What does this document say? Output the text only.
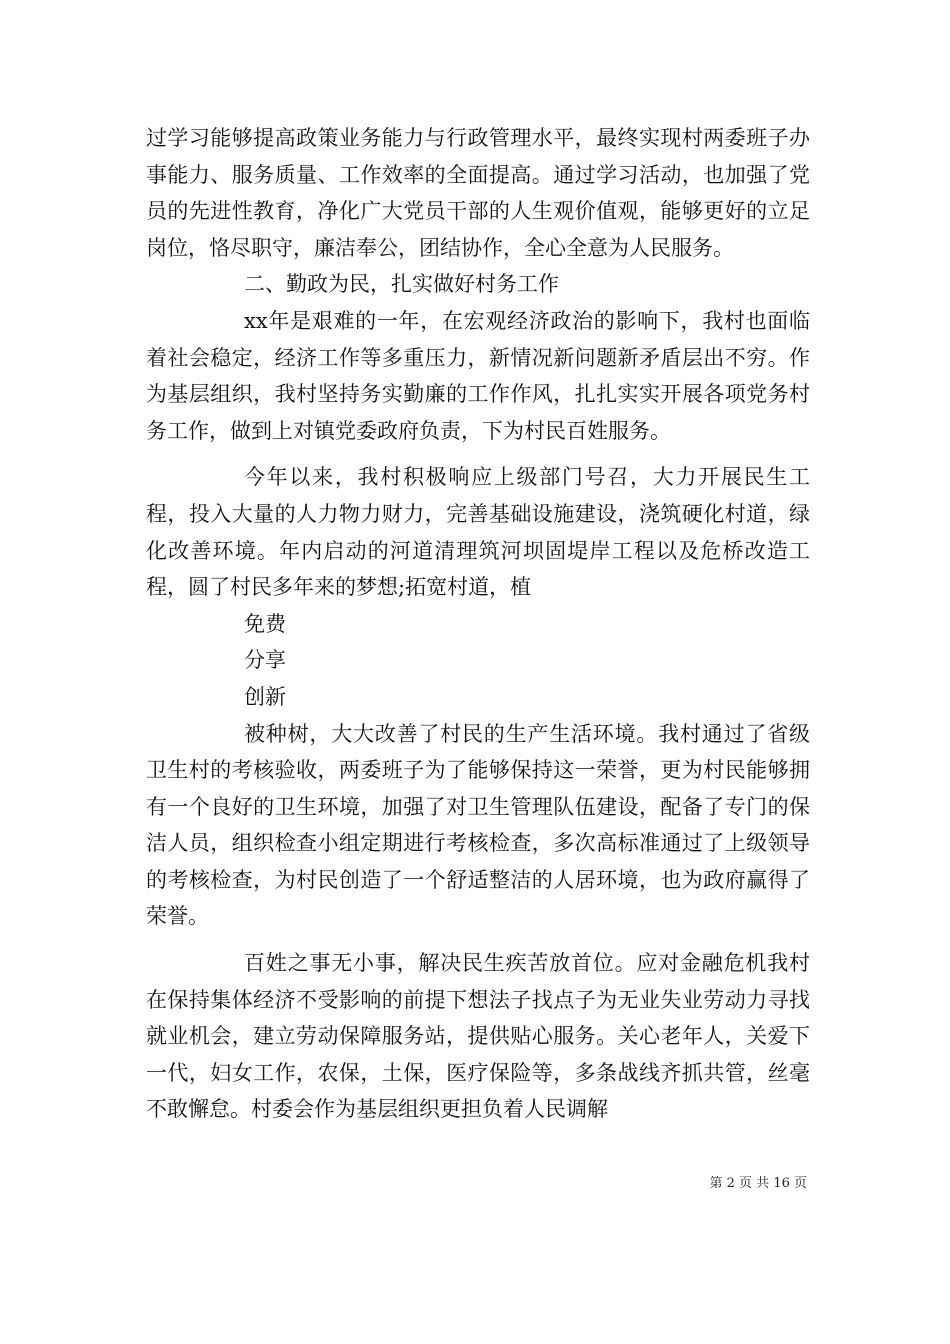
过学习能够提高政策业务能力与行政管理水平，最终实现村两委班子办事能力、服务质量、工作效率的全面提高。通过学习活动，也加强了党员的先进性教育，净化广大党员干部的人生观价值观，能够更好的立足岗位，恪尽职守，廉洁奉公，团结协作，全心全意为人民服务。

二、勤政为民，扎实做好村务工作

xx年是艰难的一年，在宏观经济政治的影响下，我村也面临着社会稳定，经济工作等多重压力，新情况新问题新矛盾层出不穷。作为基层组织，我村坚持务实勤廉的工作作风，扎扎实实开展各项党务村务工作，做到上对镇党委政府负责，下为村民百姓服务。

今年以来，我村积极响应上级部门号召，大力开展民生工程，投入大量的人力物力财力，完善基础设施建设，浇筑硬化村道，绿化改善环境。年内启动的河道清理筑河坝固堤岸工程以及危桥改造工程，圆了村民多年来的梦想;拓宽村道，植

免费

分享

创新

被种树，大大改善了村民的生产生活环境。我村通过了省级卫生村的考核验收，两委班子为了能够保持这一荣誉，更为村民能够拥有一个良好的卫生环境，加强了对卫生管理队伍建设，配备了专门的保洁人员，组织检查小组定期进行考核检查，多次高标准通过了上级领导的考核检查，为村民创造了一个舒适整洁的人居环境，也为政府赢得了荣誉。

百姓之事无小事，解决民生疾苦放首位。应对金融危机我村在保持集体经济不受影响的前提下想法子找点子为无业失业劳动力寻找就业机会，建立劳动保障服务站，提供贴心服务。关心老年人，关爱下一代，妇女工作，农保，土保，医疗保险等，多条战线齐抓共管，丝毫不敢懈怠。村委会作为基层组织更担负着人民调解

第 2 页 共 16 页
